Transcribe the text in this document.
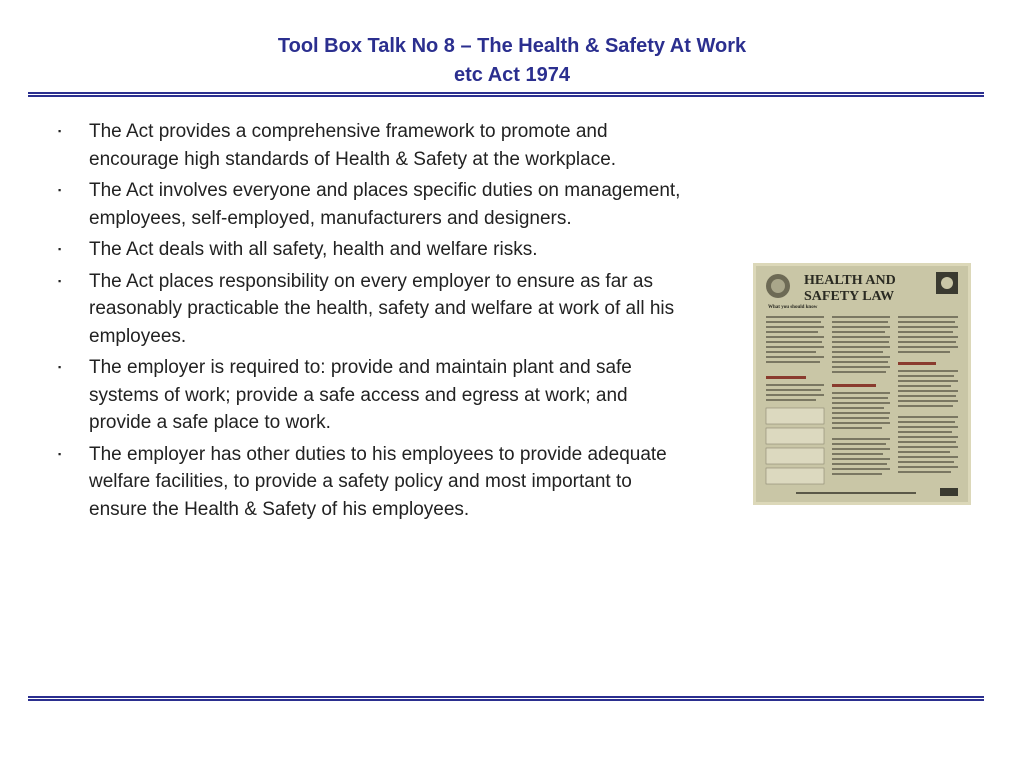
Tool Box Talk No 8 – The Health & Safety At Work
etc Act 1974
▪ The Act provides a comprehensive framework to promote and encourage high standards of Health & Safety at the workplace.
▪ The Act involves everyone and places specific duties on management, employees, self-employed, manufacturers and designers.
▪ The Act deals with all safety, health and welfare risks.
▪ The Act places responsibility on every employer to ensure as far as reasonably practicable the health, safety and welfare at work of all his employees.
▪ The employer is required to: provide and maintain plant and safe systems of work; provide a safe access and egress at work; and provide a safe place to work.
▪ The employer has other duties to his employees to provide adequate welfare facilities, to provide a safety policy and most important to ensure the Health & Safety of his employees.
HEALTH AND
SAFETY LAW
What you should know
